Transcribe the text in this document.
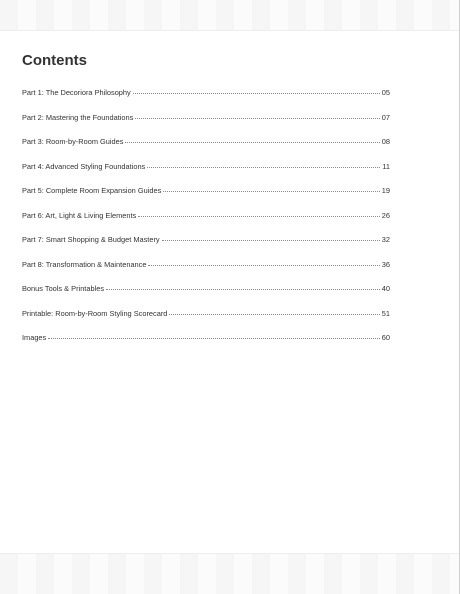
Contents
Part 1: The Decoriora Philosophy	05
Part 2: Mastering the Foundations	07
Part 3: Room-by-Room Guides	08
Part 4: Advanced Styling Foundations	11
Part 5: Complete Room Expansion Guides	19
Part 6: Art, Light & Living Elements	26
Part 7: Smart Shopping & Budget Mastery	32
Part 8: Transformation & Maintenance	36
Bonus Tools & Printables	40
Printable: Room-by-Room Styling Scorecard	51
Images	60
